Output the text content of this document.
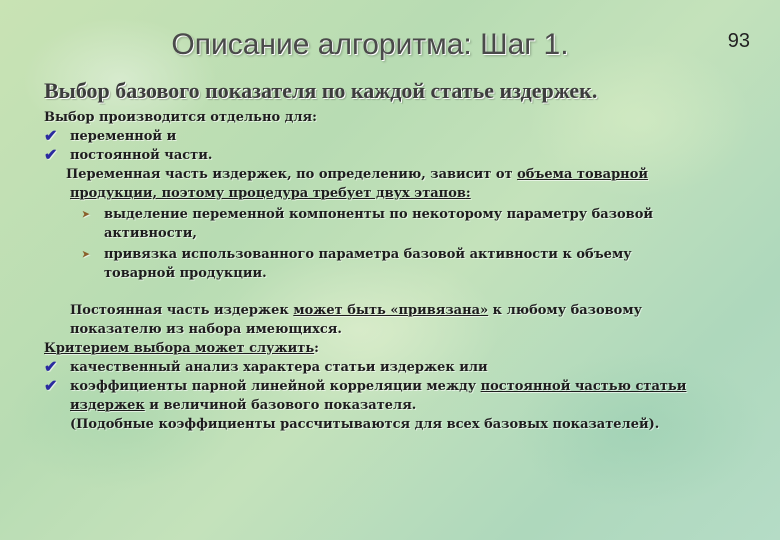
Описание алгоритма: Шаг 1.	93
Выбор базового показателя по каждой статье издержек.

Выбор производится отдельно для:

✔ переменной и

✔ постоянной части.

Переменная часть издержек, по определению, зависит от объема товарной

продукции, поэтому процедура требует двух этапов:

➤ выделение переменной компоненты по некоторому параметру базовой
активности,

➤ привязка использованного параметра базовой активности к объему
товарной продукции.

Постоянная часть издержек может быть «привязана» к любому базовому
показателю из набора имеющихся.

Критерием выбора может служить:

✔ качественный анализ характера статьи издержек или

✔ коэффициенты парной линейной корреляции между постоянной частью статьи
издержек и величиной базового показателя.
(Подобные коэффициенты рассчитываются для всех базовых показателей).
